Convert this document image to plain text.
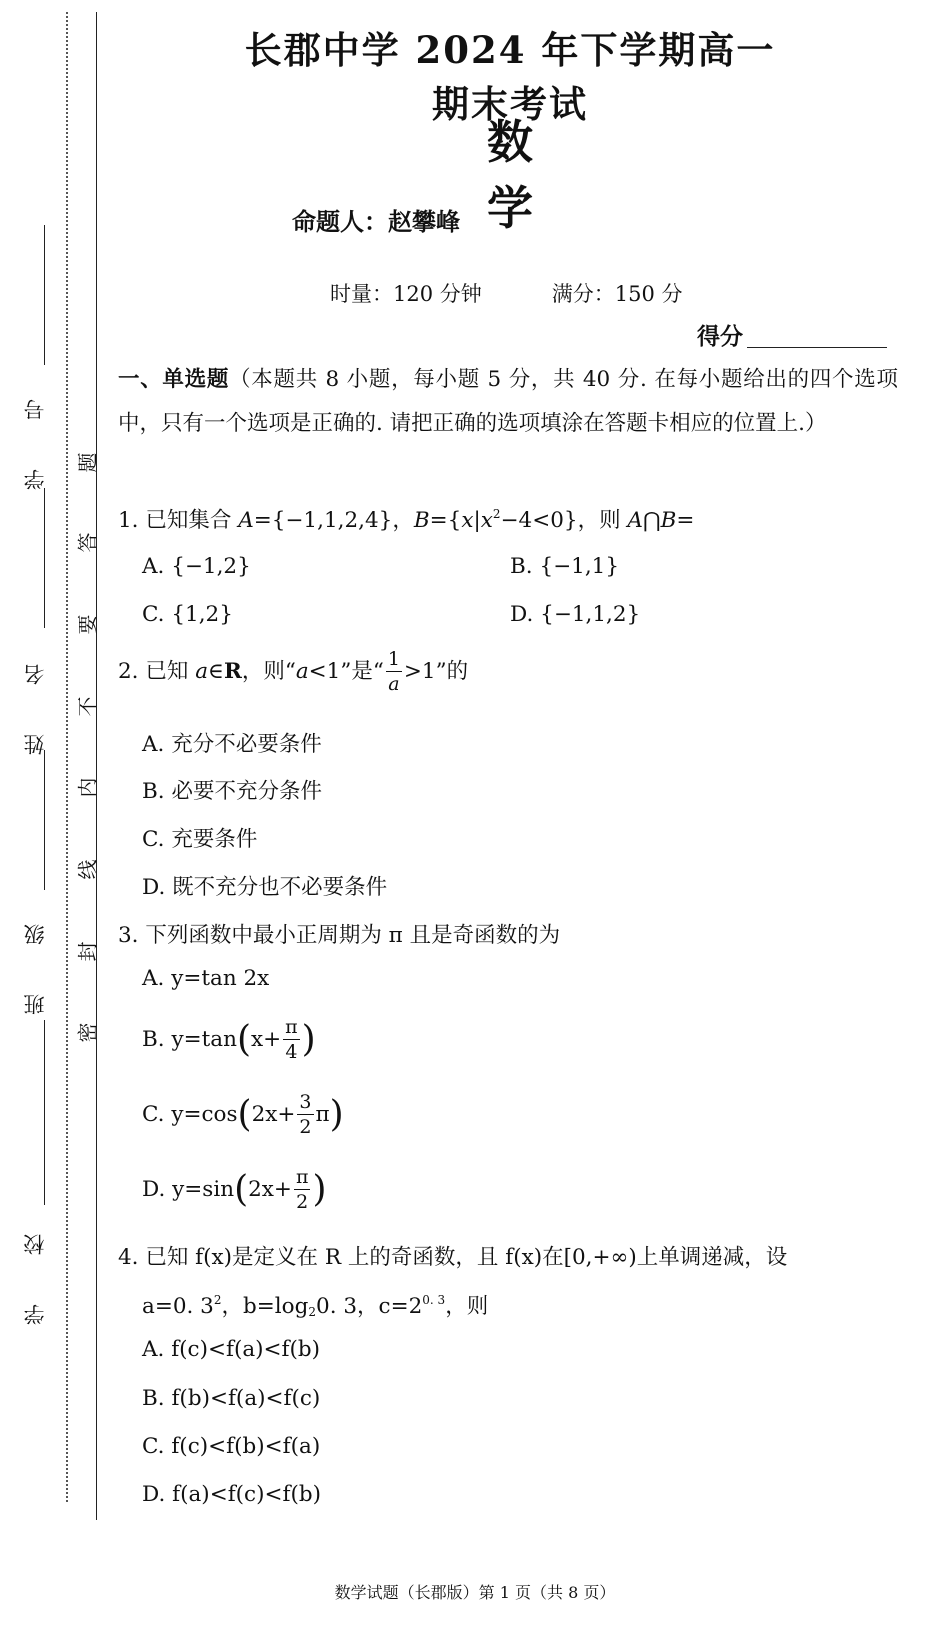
学　号
姓　名
班　级
学　校
题
答
要
不
内
线
封
密
长郡中学 2024 年下学期高一期末考试
数学
命题人：赵攀峰
时量：120 分钟	满分：150 分
得分
一、单选题（本题共 8 小题，每小题 5 分，共 40 分. 在每小题给出的四个选项中，只有一个选项是正确的. 请把正确的选项填涂在答题卡相应的位置上.）
1. 已知集合 A={−1,1,2,4}，$B=\{x|x^2-4<0\}$，则 A⋂B=
A. {−1,2}	B. {−1,1}
C. {1,2}	D. {−1,1,2}
2. 已知 a∈R，则“a<1”是“ $\frac{1}{a} >1$”的
A. 充分不必要条件
B. 必要不充分条件
C. 充要条件
D. 既不充分也不必要条件
3. 下列函数中最小正周期为 π 且是奇函数的为
A. y=tan 2x
B. $y=\tan(x+ \frac{\pi}{4}$ )
C. $y=\cos(2x+ \frac{3}{2} \pi)$
D. $y=\sin(2x+ \frac{\pi}{2}$ )
4. 已知 f(x)是定义在 R 上的奇函数，且 f(x)在[0,+∞)上单调递减，设
a=0. $3^2$，$b=\log_20$. 3，$c=2^{0. 3}$，则
A. f(c)<f(a)<f(b)
B. f(b)<f(a)<f(c)
C. f(c)<f(b)<f(a)
D. f(a)<f(c)<f(b)
数学试题（长郡版）第 1 页（共 8 页）
